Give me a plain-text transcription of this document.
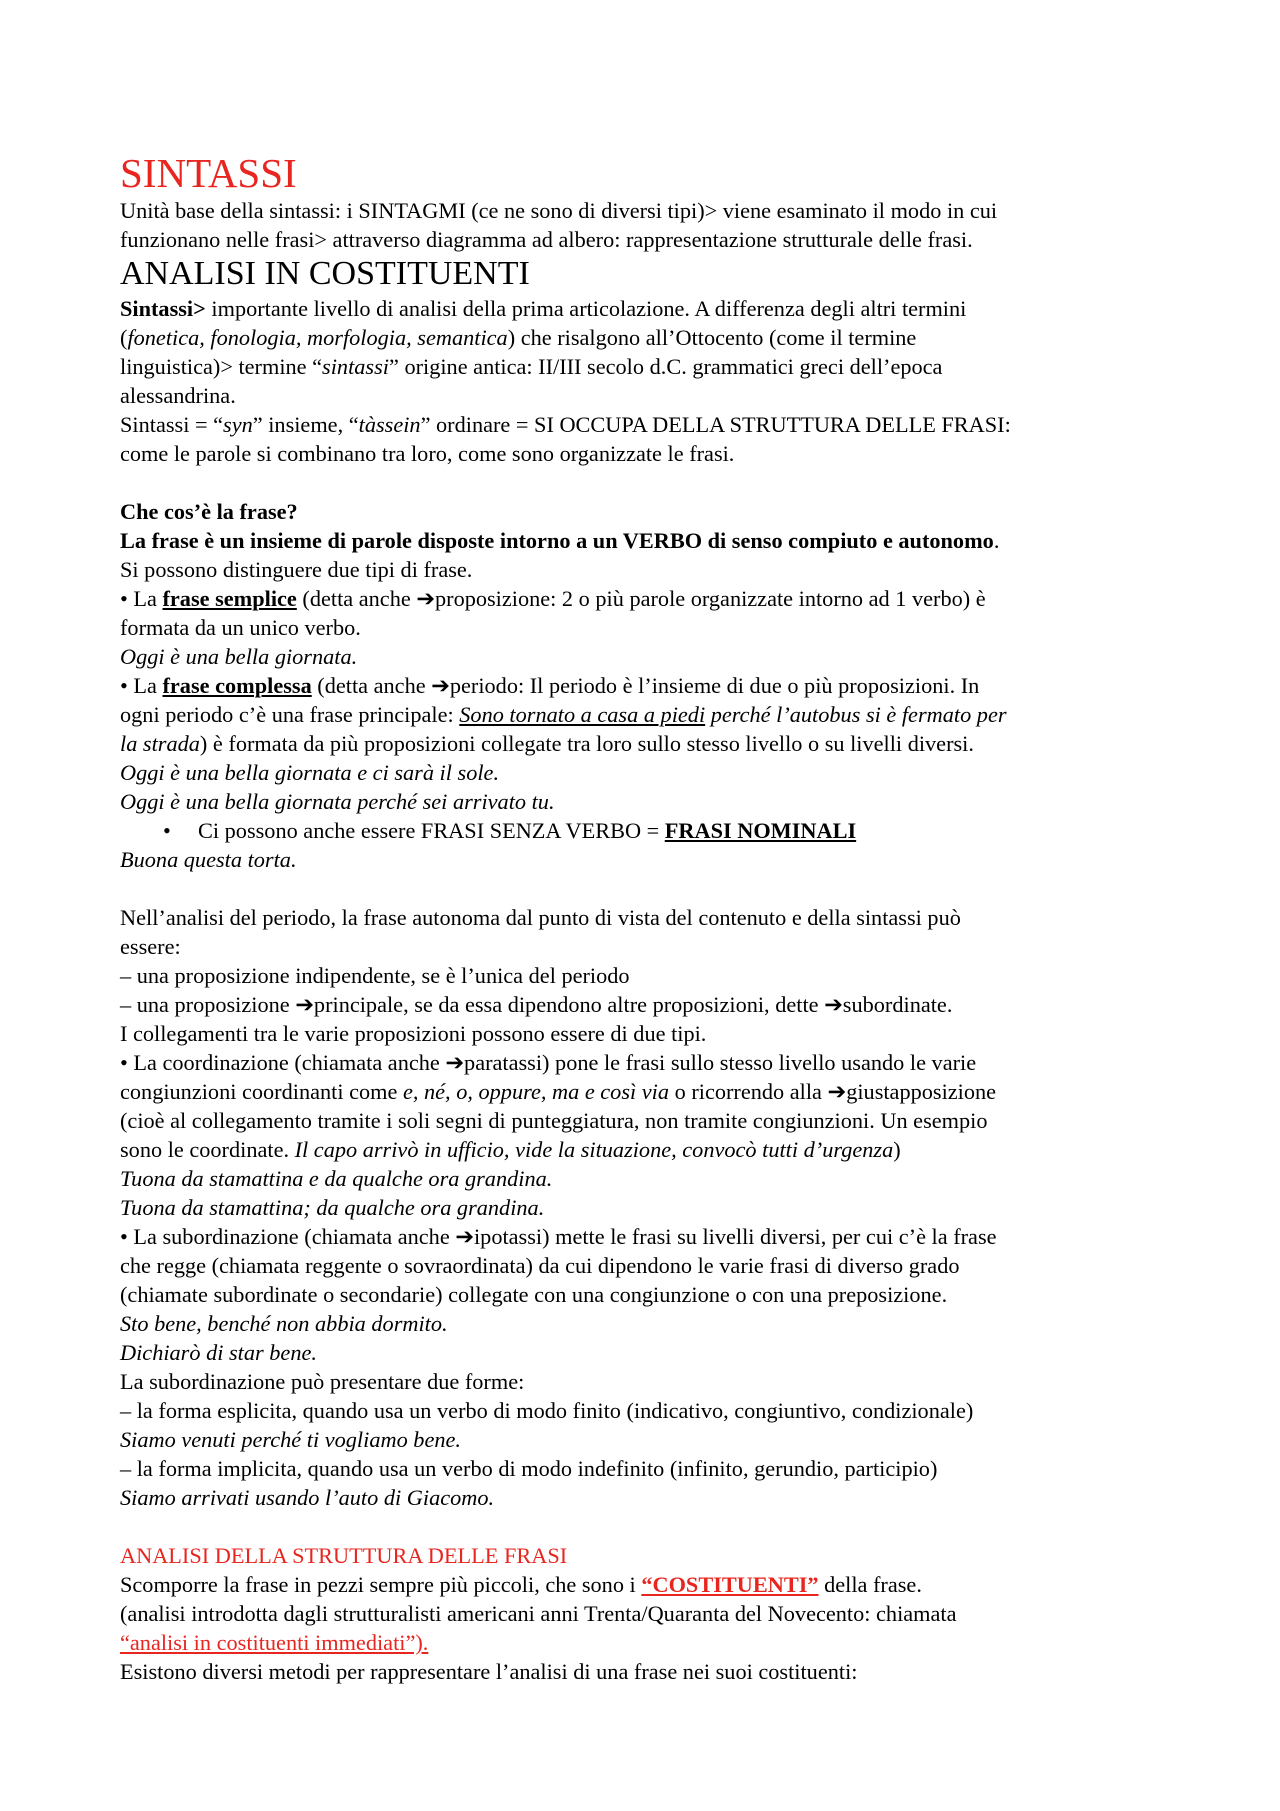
SINTASSI

Unità base della sintassi: i SINTAGMI (ce ne sono di diversi tipi)> viene esaminato il modo in cui

funzionano nelle frasi> attraverso diagramma ad albero: rappresentazione strutturale delle frasi.

ANALISI IN COSTITUENTI

Sintassi> importante livello di analisi della prima articolazione. A differenza degli altri termini
(fonetica, fonologia, morfologia, semantica) che risalgono all’Ottocento (come il termine
linguistica)> termine “sintassi” origine antica: II/III secolo d.C. grammatici greci dell’epoca
alessandrina.
Sintassi = “syn” insieme, “tàssein” ordinare = SI OCCUPA DELLA STRUTTURA DELLE FRASI:
come le parole si combinano tra loro, come sono organizzate le frasi.

Che cos’è la frase?
La frase è un insieme di parole disposte intorno a un VERBO di senso compiuto e autonomo.
Si possono distinguere due tipi di frase.
• La frase semplice (detta anche ➔proposizione: 2 o più parole organizzate intorno ad 1 verbo) è
formata da un unico verbo.
Oggi è una bella giornata.
• La frase complessa (detta anche ➔periodo: Il periodo è l’insieme di due o più proposizioni. In
ogni periodo c’è una frase principale: Sono tornato a casa a piedi perché l’autobus si è fermato per
la strada) è formata da più proposizioni collegate tra loro sullo stesso livello o su livelli diversi.
Oggi è una bella giornata e ci sarà il sole.
Oggi è una bella giornata perché sei arrivato tu.

• Ci possono anche essere FRASI SENZA VERBO = FRASI NOMINALI

Buona questa torta.

Nell’analisi del periodo, la frase autonoma dal punto di vista del contenuto e della sintassi può
essere:
– una proposizione indipendente, se è l’unica del periodo
– una proposizione ➔principale, se da essa dipendono altre proposizioni, dette ➔subordinate.
I collegamenti tra le varie proposizioni possono essere di due tipi.
• La coordinazione (chiamata anche ➔paratassi) pone le frasi sullo stesso livello usando le varie
congiunzioni coordinanti come e, né, o, oppure, ma e così via o ricorrendo alla ➔giustapposizione
(cioè al collegamento tramite i soli segni di punteggiatura, non tramite congiunzioni. Un esempio
sono le coordinate. Il capo arrivò in ufficio, vide la situazione, convocò tutti d’urgenza)
Tuona da stamattina e da qualche ora grandina.
Tuona da stamattina; da qualche ora grandina.
• La subordinazione (chiamata anche ➔ipotassi) mette le frasi su livelli diversi, per cui c’è la frase
che regge (chiamata reggente o sovraordinata) da cui dipendono le varie frasi di diverso grado
(chiamate subordinate o secondarie) collegate con una congiunzione o con una preposizione.
Sto bene, benché non abbia dormito.
Dichiarò di star bene.
La subordinazione può presentare due forme:
– la forma esplicita, quando usa un verbo di modo finito (indicativo, congiuntivo, condizionale)
Siamo venuti perché ti vogliamo bene.
– la forma implicita, quando usa un verbo di modo indefinito (infinito, gerundio, participio)
Siamo arrivati usando l’auto di Giacomo.

ANALISI DELLA STRUTTURA DELLE FRASI

Scomporre la frase in pezzi sempre più piccoli, che sono i “COSTITUENTI” della frase.
(analisi introdotta dagli strutturalisti americani anni Trenta/Quaranta del Novecento: chiamata
“analisi in costituenti immediati”).
Esistono diversi metodi per rappresentare l’analisi di una frase nei suoi costituenti:
